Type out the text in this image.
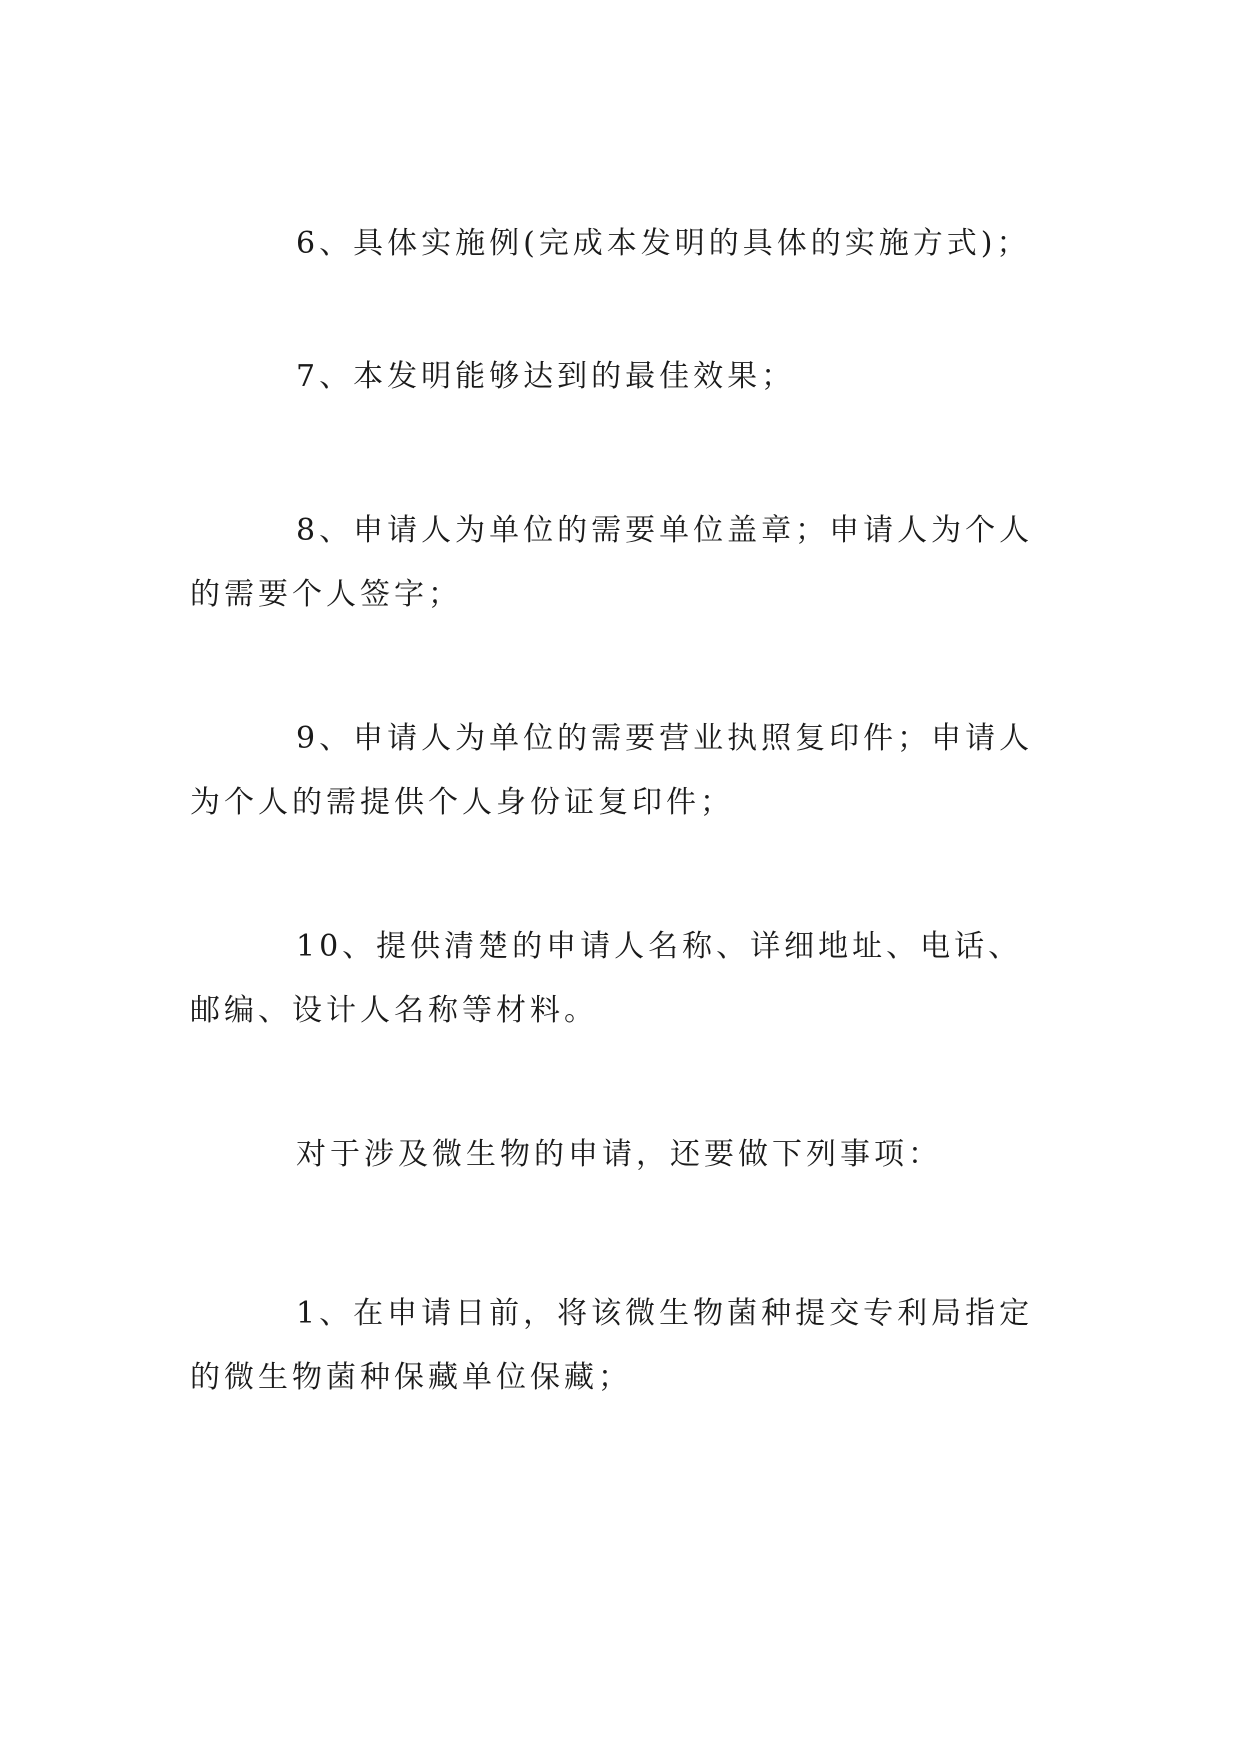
6、具体实施例(完成本发明的具体的实施方式)；

7、本发明能够达到的最佳效果；

8、申请人为单位的需要单位盖章；申请人为个人的需要个人签字；

9、申请人为单位的需要营业执照复印件；申请人为个人的需提供个人身份证复印件；

10、提供清楚的申请人名称、详细地址、电话、邮编、设计人名称等材料。

对于涉及微生物的申请，还要做下列事项：

1、在申请日前，将该微生物菌种提交专利局指定的微生物菌种保藏单位保藏；
